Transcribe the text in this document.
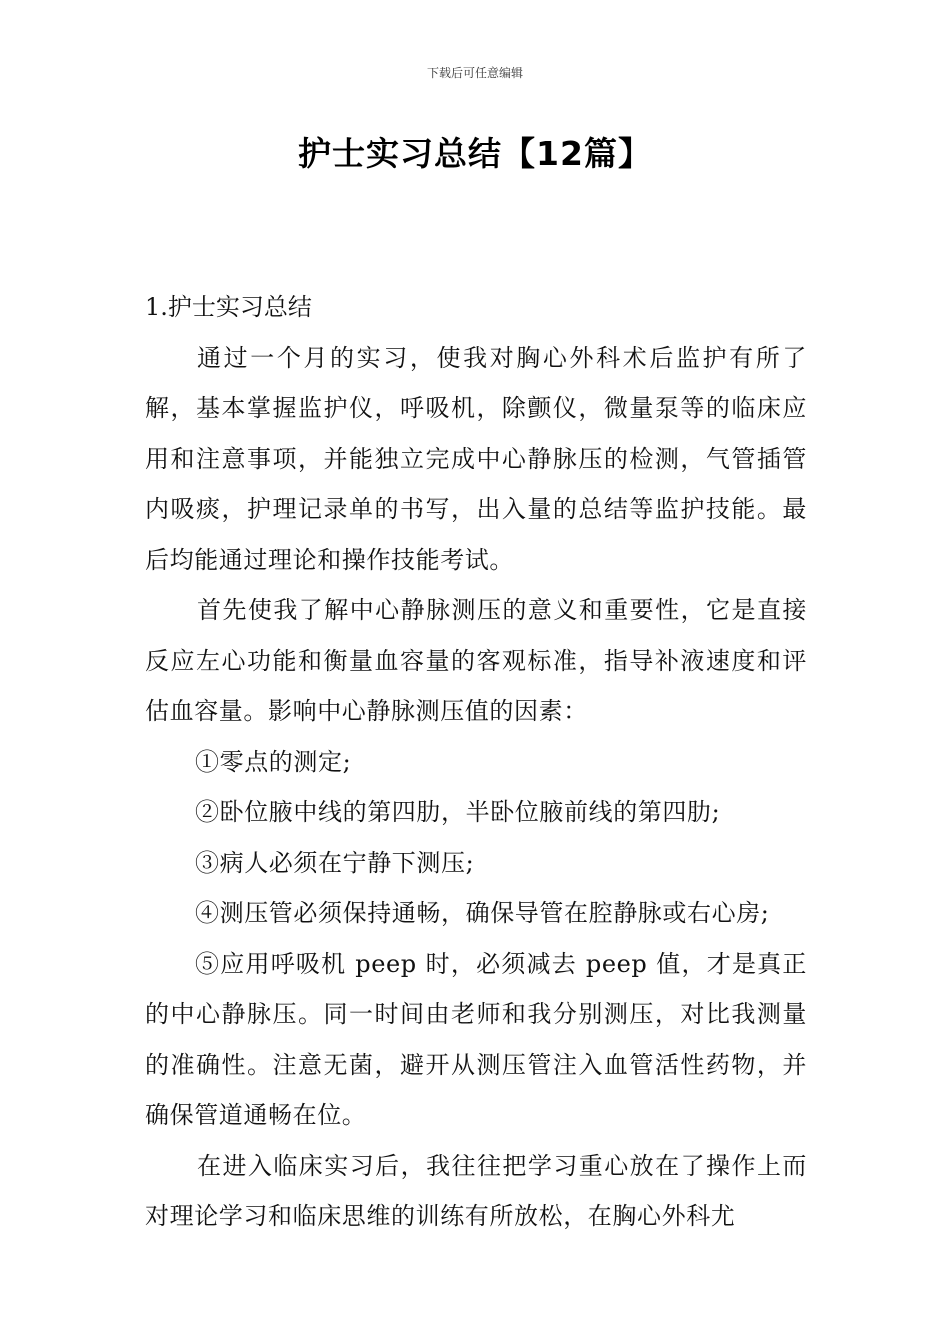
下载后可任意编辑
护士实习总结【12篇】

1.护士实习总结

通过一个月的实习，使我对胸心外科术后监护有所了解，基本掌握监护仪，呼吸机，除颤仪，微量泵等的临床应用和注意事项，并能独立完成中心静脉压的检测，气管插管内吸痰，护理记录单的书写，出入量的总结等监护技能。最 后均能通过理论和操作技能考试。

首先使我了解中心静脉测压的意义和重要性，它是直接反应左心功能和衡量血容量的客观标准，指导补液速度和评估血容量。影响中心静脉测压值的因素：

①零点的测定;

②卧位腋中线的第四肋，半卧位腋前线的第四肋;

③病人必须在宁静下测压;

④测压管必须保持通畅，确保导管在腔静脉或右心房;

⑤应用呼吸机 peep 时，必须减去 peep 值，才是真正的中心静脉压。同一时间由老师和我分别测压，对比我测量的准确性。注意无菌，避开从测压管注入血管活性药物，并确保管道通畅在位。

在进入临床实习后，我往往把学习重心放在了操作上而对理论学习和临床思维的训练有所放松，在胸心外科尤
